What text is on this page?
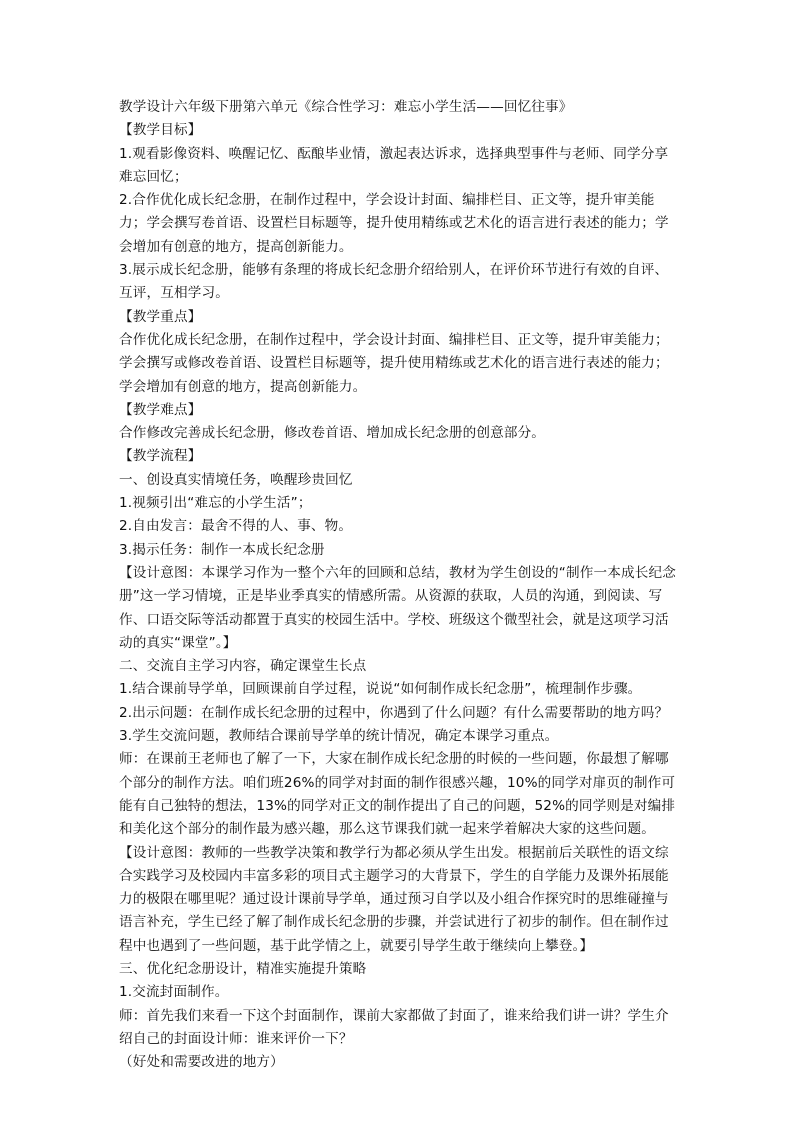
教学设计六年级下册第六单元《综合性学习：难忘小学生活——回忆往事》

【教学目标】

1.观看影像资料、唤醒记忆、酝酿毕业情，激起表达诉求，选择典型事件与老师、同学分享难忘回忆；

2.合作优化成长纪念册，在制作过程中，学会设计封面、编排栏目、正文等，提升审美能力；学会撰写卷首语、设置栏目标题等，提升使用精练或艺术化的语言进行表述的能力；学会增加有创意的地方，提高创新能力。

3.展示成长纪念册，能够有条理的将成长纪念册介绍给别人，在评价环节进行有效的自评、互评，互相学习。

【教学重点】

合作优化成长纪念册，在制作过程中，学会设计封面、编排栏目、正文等，提升审美能力；学会撰写或修改卷首语、设置栏目标题等，提升使用精练或艺术化的语言进行表述的能力；学会增加有创意的地方，提高创新能力。

【教学难点】

合作修改完善成长纪念册，修改卷首语、增加成长纪念册的创意部分。

【教学流程】

一、创设真实情境任务，唤醒珍贵回忆

1.视频引出“难忘的小学生活”；

2.自由发言：最舍不得的人、事、物。

3.揭示任务：制作一本成长纪念册

【设计意图：本课学习作为一整个六年的回顾和总结，教材为学生创设的“制作一本成长纪念册”这一学习情境，正是毕业季真实的情感所需。从资源的获取，人员的沟通，到阅读、写作、口语交际等活动都置于真实的校园生活中。学校、班级这个微型社会，就是这项学习活动的真实“课堂”。】

二、交流自主学习内容，确定课堂生长点

1.结合课前导学单，回顾课前自学过程，说说“如何制作成长纪念册”，梳理制作步骤。

2.出示问题：在制作成长纪念册的过程中，你遇到了什么问题？有什么需要帮助的地方吗？

3.学生交流问题，教师结合课前导学单的统计情况，确定本课学习重点。

师：在课前王老师也了解了一下，大家在制作成长纪念册的时候的一些问题，你最想了解哪个部分的制作方法。咱们班26%的同学对封面的制作很感兴趣，10%的同学对扉页的制作可能有自己独特的想法，13%的同学对正文的制作提出了自己的问题，52%的同学则是对编排和美化这个部分的制作最为感兴趣，那么这节课我们就一起来学着解决大家的这些问题。

【设计意图：教师的一些教学决策和教学行为都必须从学生出发。根据前后关联性的语文综合实践学习及校园内丰富多彩的项目式主题学习的大背景下，学生的自学能力及课外拓展能力的极限在哪里呢？通过设计课前导学单，通过预习自学以及小组合作探究时的思维碰撞与语言补充，学生已经了解了制作成长纪念册的步骤，并尝试进行了初步的制作。但在制作过程中也遇到了一些问题，基于此学情之上，就要引导学生敢于继续向上攀登。】

三、优化纪念册设计，精准实施提升策略

1.交流封面制作。

师：首先我们来看一下这个封面制作，课前大家都做了封面了，谁来给我们讲一讲？学生介绍自己的封面设计师：谁来评价一下？

（好处和需要改进的地方）
